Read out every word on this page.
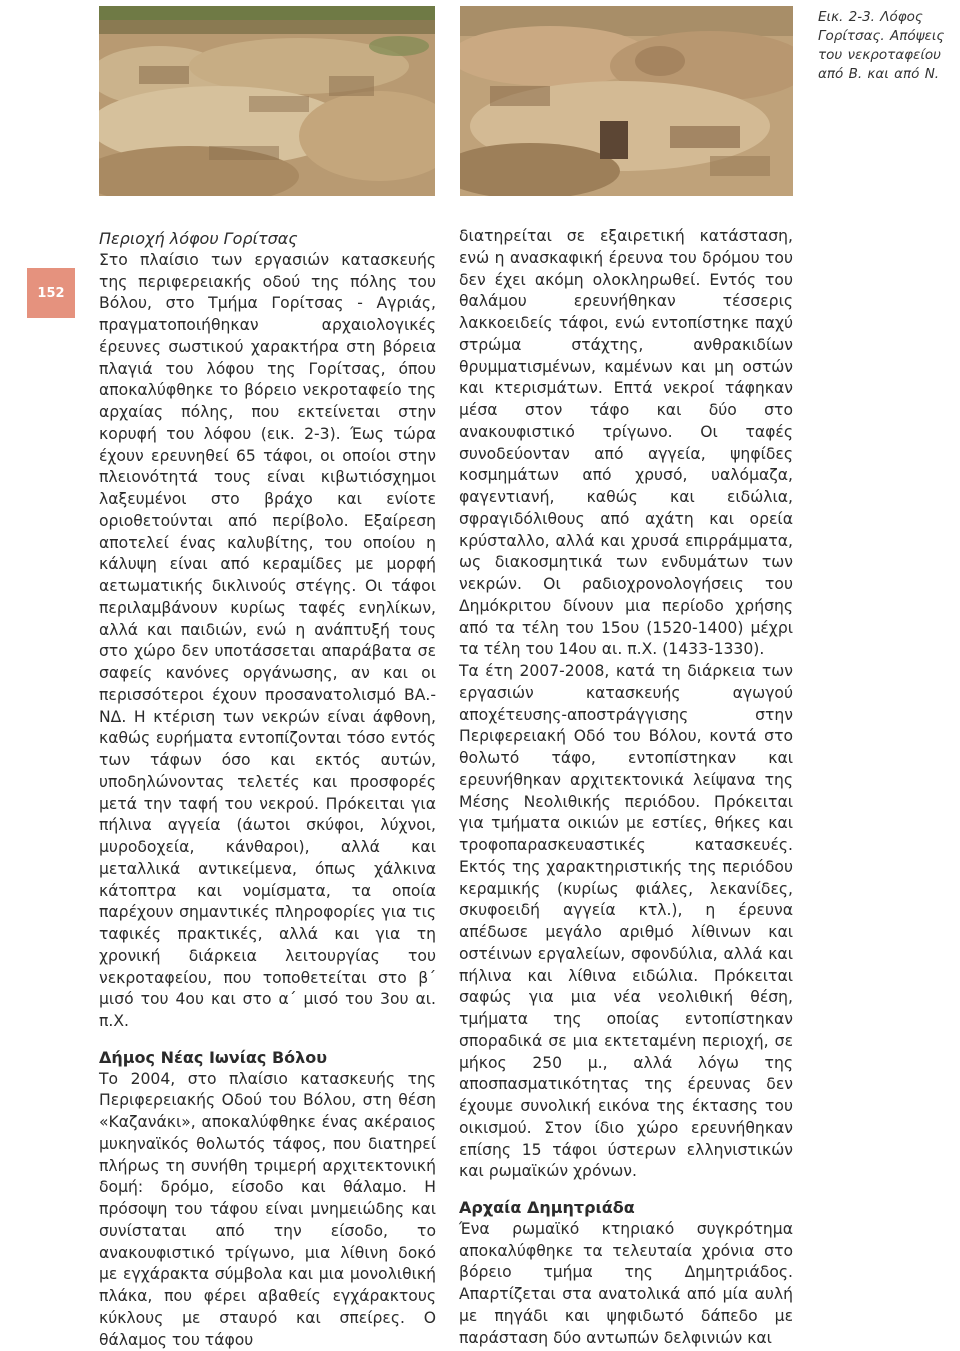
Εικ. 2-3. Λόφος Γορίτσας. Απόψεις του νεκροταφείου από Β. και από Ν.
152

Περιοχή λόφου Γορίτσας

Στο πλαίσιο των εργασιών κατασκευής της περιφερειακής οδού της πόλης του Βόλου, στο Τμήμα Γορίτσας - Αγριάς, πραγματοποιήθηκαν αρχαιολογικές έρευνες σωστικού χαρακτήρα στη βόρεια πλαγιά του λόφου της Γορίτσας, όπου αποκαλύφθηκε το βόρειο νεκροταφείο της αρχαίας πόλης, που εκτείνεται στην κορυφή του λόφου (εικ. 2-3). Έως τώρα έχουν ερευνηθεί 65 τάφοι, οι οποίοι στην πλειονότητά τους είναι κιβωτιόσχημοι λαξευμένοι στο βράχο και ενίοτε οριοθετούνται από περίβολο. Εξαίρεση αποτελεί ένας καλυβίτης, του οποίου η κάλυψη είναι από κεραμίδες με μορφή αετωματικής δικλινούς στέγης. Οι τάφοι περιλαμβάνουν κυρίως ταφές ενηλίκων, αλλά και παιδιών, ενώ η ανάπτυξή τους στο χώρο δεν υποτάσσεται απαράβατα σε σαφείς κανόνες οργάνωσης, αν και οι περισσότεροι έχουν προσανατολισμό ΒΑ.-ΝΔ. Η κτέριση των νεκρών είναι άφθονη, καθώς ευρήματα εντοπίζονται τόσο εντός των τάφων όσο και εκτός αυτών, υποδηλώνοντας τελετές και προσφορές μετά την ταφή του νεκρού. Πρόκειται για πήλινα αγγεία (άωτοι σκύφοι, λύχνοι, μυροδοχεία, κάνθαροι), αλλά και μεταλλικά αντικείμενα, όπως χάλκινα κάτοπτρα και νομίσματα, τα οποία παρέχουν σημαντικές πληροφορίες για τις ταφικές πρακτικές, αλλά και για τη χρονική διάρκεια λειτουργίας του νεκροταφείου, που τοποθετείται στο β΄ μισό του 4ου και στο α΄ μισό του 3ου αι. π.Χ.

Δήμος Νέας Ιωνίας Βόλου

Το 2004, στο πλαίσιο κατασκευής της Περιφερειακής Οδού του Βόλου, στη θέση «Καζανάκι», αποκαλύφθηκε ένας ακέραιος μυκηναϊκός θολωτός τάφος, που διατηρεί πλήρως τη συνήθη τριμερή αρχιτεκτονική δομή: δρόμο, είσοδο και θάλαμο. Η πρόσοψη του τάφου είναι μνημειώδης και συνίσταται από την είσοδο, το ανακουφιστικό τρίγωνο, μια λίθινη δοκό με εγχάρακτα σύμβολα και μια μονολιθική πλάκα, που φέρει αβαθείς εγχάρακτους κύκλους με σταυρό και σπείρες. Ο θάλαμος του τάφου

διατηρείται σε εξαιρετική κατάσταση, ενώ η ανασκαφική έρευνα του δρόμου του δεν έχει ακόμη ολοκληρωθεί. Εντός του θαλάμου ερευνήθηκαν τέσσερις λακκοειδείς τάφοι, ενώ εντοπίστηκε παχύ στρώμα στάχτης, ανθρακιδίων θρυμματισμένων, καμένων και μη οστών και κτερισμάτων. Επτά νεκροί τάφηκαν μέσα στον τάφο και δύο στο ανακουφιστικό τρίγωνο. Οι ταφές συνοδεύονταν από αγγεία, ψηφίδες κοσμημάτων από χρυσό, υαλόμαζα, φαγεντιανή, καθώς και ειδώλια, σφραγιδόλιθους από αχάτη και ορεία κρύσταλλο, αλλά και χρυσά επιρράμματα, ως διακοσμητικά των ενδυμάτων των νεκρών. Οι ραδιοχρονολογήσεις του Δημόκριτου δίνουν μια περίοδο χρήσης από τα τέλη του 15ου (1520-1400) μέχρι τα τέλη του 14ου αι. π.Χ. (1433-1330).

Τα έτη 2007-2008, κατά τη διάρκεια των εργασιών κατασκευής αγωγού αποχέτευσης-αποστράγγισης στην Περιφερειακή Οδό του Βόλου, κοντά στο θολωτό τάφο, εντοπίστηκαν και ερευνήθηκαν αρχιτεκτονικά λείψανα της Μέσης Νεολιθικής περιόδου. Πρόκειται για τμήματα οικιών με εστίες, θήκες και τροφοπαρασκευαστικές κατασκευές. Εκτός της χαρακτηριστικής της περιόδου κεραμικής (κυρίως φιάλες, λεκανίδες, σκυφοειδή αγγεία κτλ.), η έρευνα απέδωσε μεγάλο αριθμό λίθινων και οστέινων εργαλείων, σφονδύλια, αλλά και πήλινα και λίθινα ειδώλια. Πρόκειται σαφώς για μια νέα νεολιθική θέση, τμήματα της οποίας εντοπίστηκαν σποραδικά σε μια εκτεταμένη περιοχή, σε μήκος 250 μ., αλλά λόγω της αποσπασματικότητας της έρευνας δεν έχουμε συνολική εικόνα της έκτασης του οικισμού. Στον ίδιο χώρο ερευνήθηκαν επίσης 15 τάφοι ύστερων ελληνιστικών και ρωμαϊκών χρόνων.

Αρχαία Δημητριάδα

Ένα ρωμαϊκό κτηριακό συγκρότημα αποκαλύφθηκε τα τελευταία χρόνια στο βόρειο τμήμα της Δημητριάδος. Απαρτίζεται στα ανατολικά από μία αυλή με πηγάδι και ψηφιδωτό δάπεδο με παράσταση δύο αντωπών δελφινιών και
